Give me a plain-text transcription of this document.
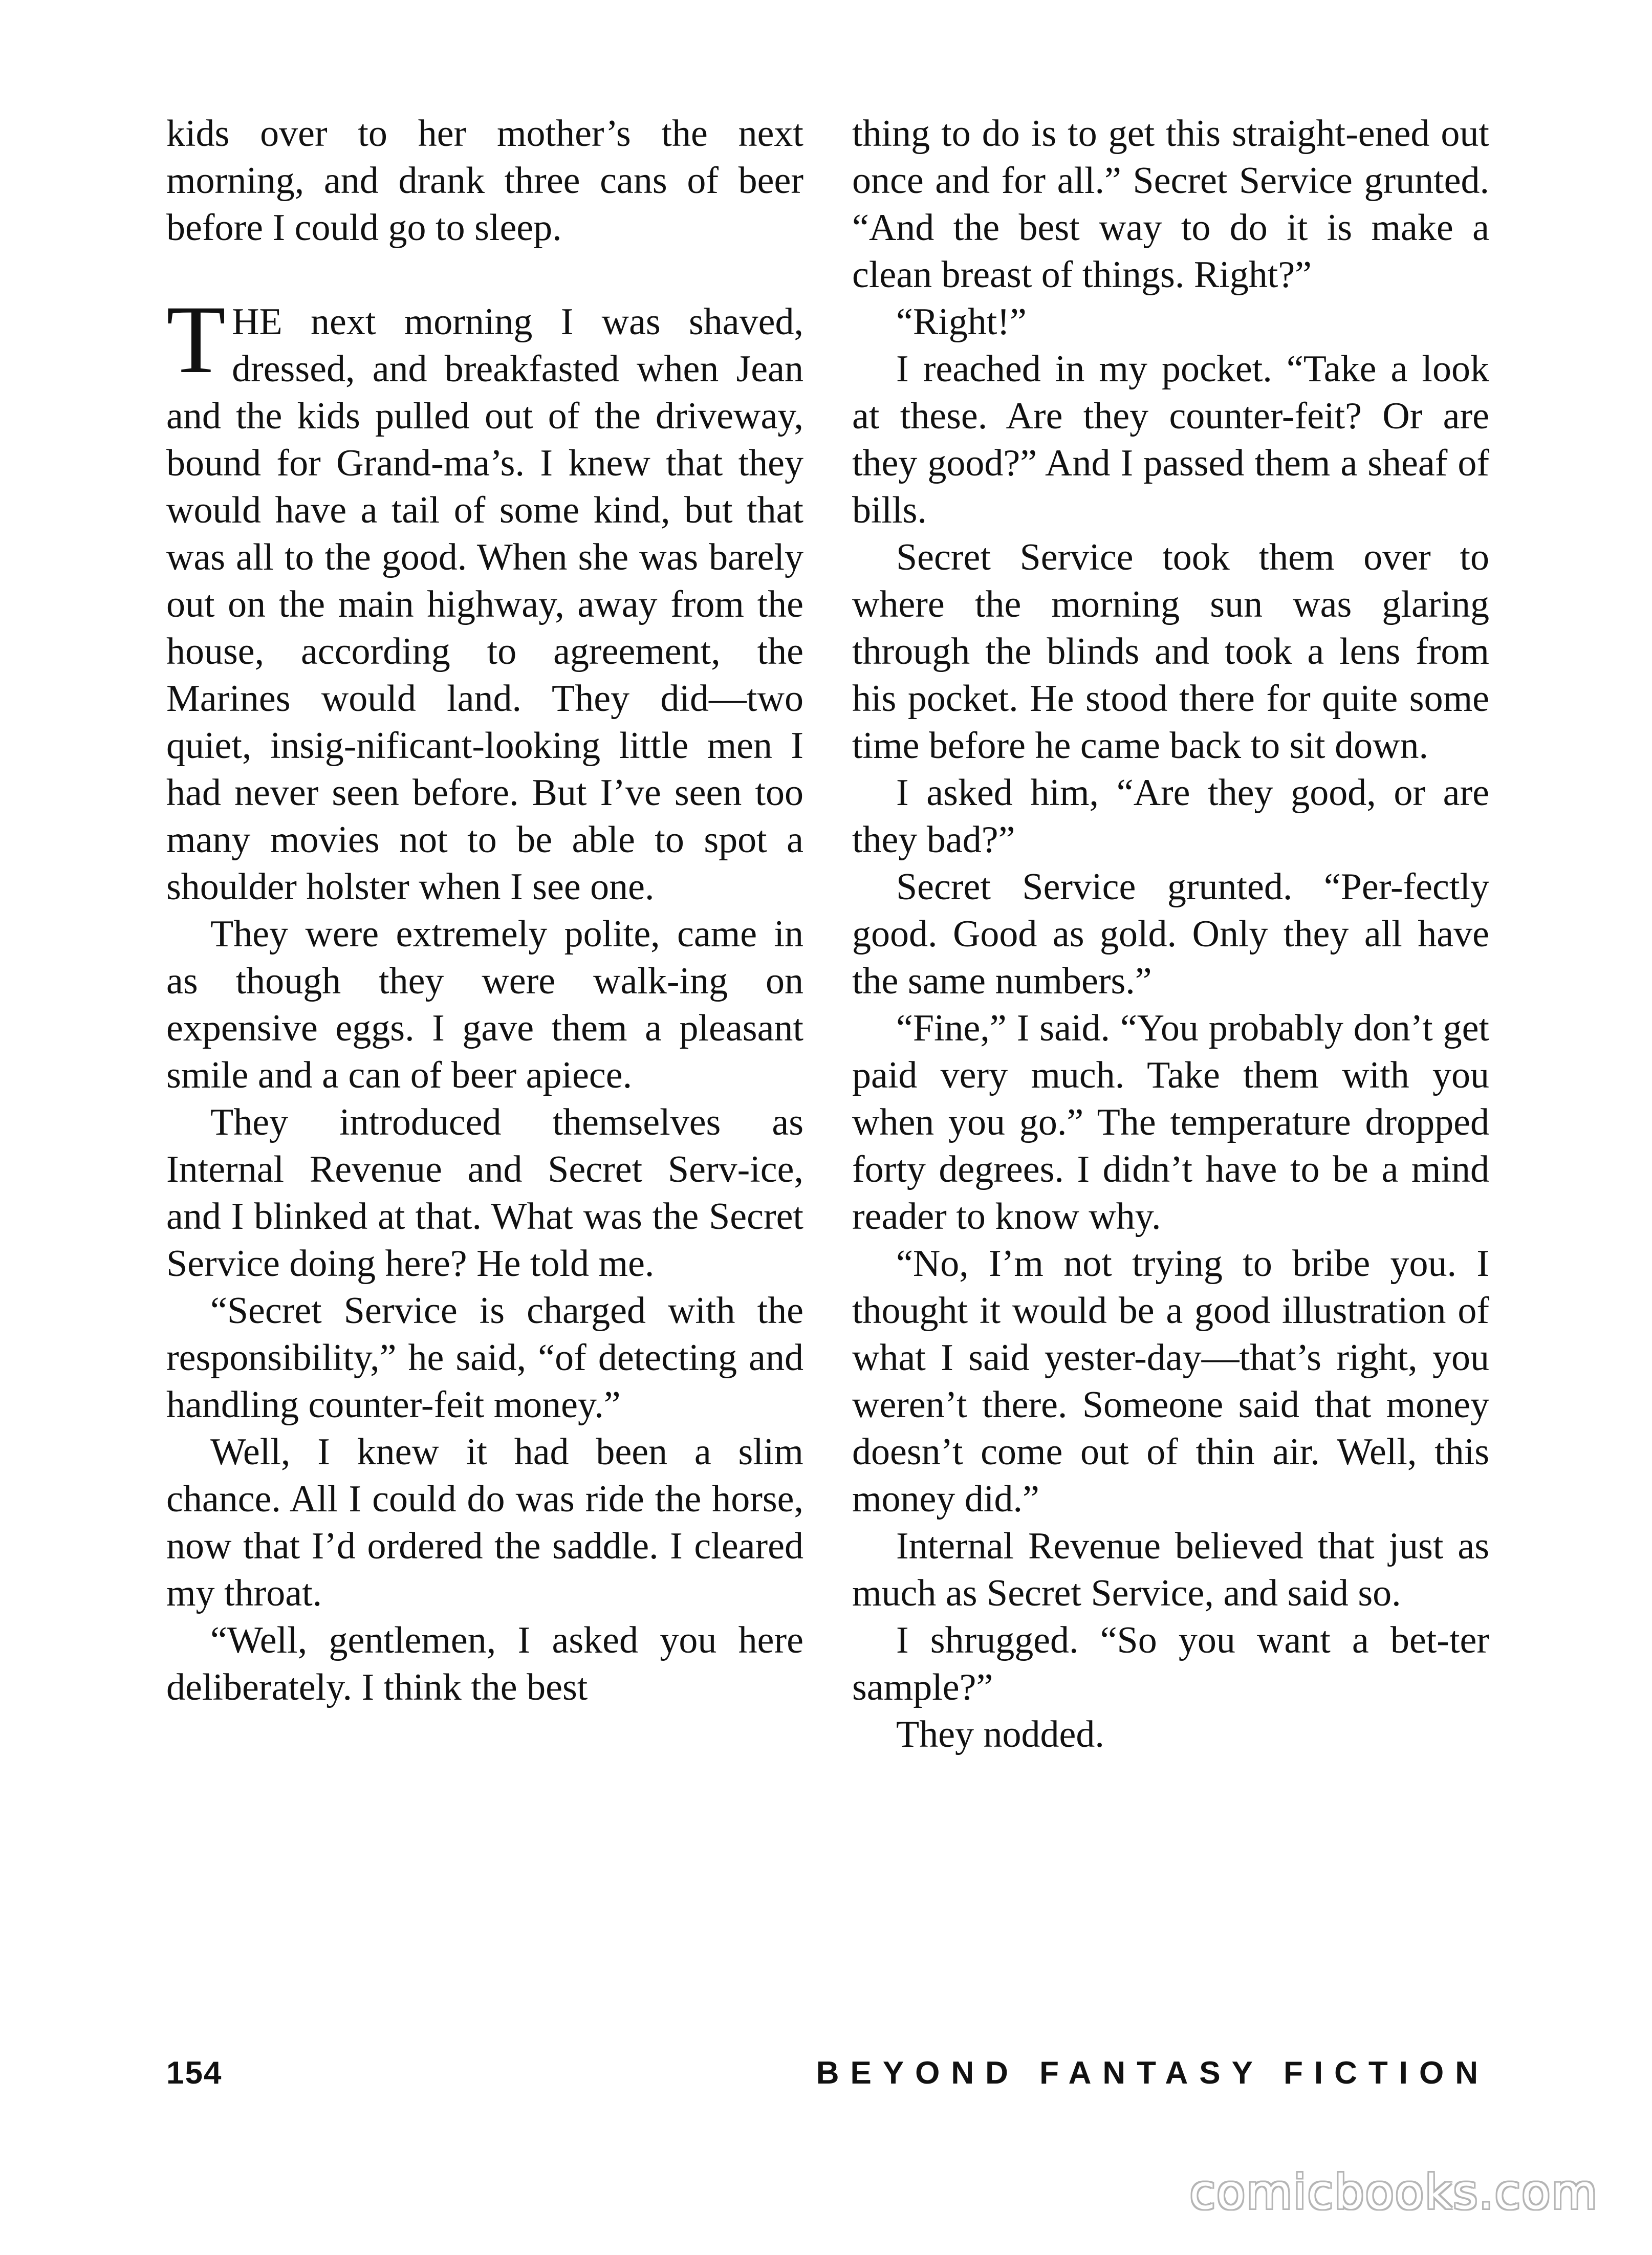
kids over to her mother’s the next morning, and drank three cans of beer before I could go to sleep.

THE next morning I was shaved, dressed, and breakfasted when Jean and the kids pulled out of the driveway, bound for Grand-ma’s. I knew that they would have a tail of some kind, but that was all to the good. When she was barely out on the main highway, away from the house, according to agreement, the Marines would land. They did—two quiet, insig-nificant-looking little men I had never seen before. But I’ve seen too many movies not to be able to spot a shoulder holster when I see one.

They were extremely polite, came in as though they were walk-ing on expensive eggs. I gave them a pleasant smile and a can of beer apiece.

They introduced themselves as Internal Revenue and Secret Serv-ice, and I blinked at that. What was the Secret Service doing here? He told me.

“Secret Service is charged with the responsibility,” he said, “of detecting and handling counter-feit money.”

Well, I knew it had been a slim chance. All I could do was ride the horse, now that I’d ordered the saddle. I cleared my throat.

“Well, gentlemen, I asked you here deliberately. I think the best

thing to do is to get this straight-ened out once and for all.” Secret Service grunted. “And the best way to do it is make a clean breast of things. Right?”

“Right!”

I reached in my pocket. “Take a look at these. Are they counter-feit? Or are they good?” And I passed them a sheaf of bills.

Secret Service took them over to where the morning sun was glaring through the blinds and took a lens from his pocket. He stood there for quite some time before he came back to sit down.

I asked him, “Are they good, or are they bad?”

Secret Service grunted. “Per-fectly good. Good as gold. Only they all have the same numbers.”

“Fine,” I said. “You probably don’t get paid very much. Take them with you when you go.” The temperature dropped forty degrees. I didn’t have to be a mind reader to know why.

“No, I’m not trying to bribe you. I thought it would be a good illustration of what I said yester-day—that’s right, you weren’t there. Someone said that money doesn’t come out of thin air. Well, this money did.”

Internal Revenue believed that just as much as Secret Service, and said so.

I shrugged. “So you want a bet-ter sample?”

They nodded.

154	BEYOND FANTASY FICTION
comicbooks.com
